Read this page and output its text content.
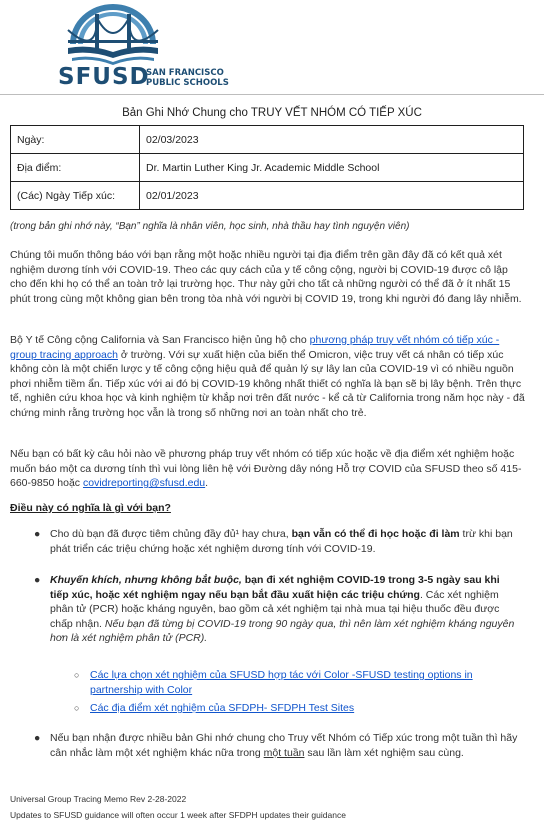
SFUSD
SAN FRANCISCO
PUBLIC SCHOOLS
Bản Ghi Nhớ Chung cho TRUY VẾT NHÓM CÓ TIẾP XÚC
Ngày:	02/03/2023
Địa điểm:	Dr. Martin Luther King Jr. Academic Middle School
(Các) Ngày Tiếp xúc:	02/01/2023
(trong bản ghi nhớ này, “Bạn” nghĩa là nhân viên, học sinh, nhà thầu hay tình nguyện viên)
Chúng tôi muốn thông báo với bạn rằng một hoặc nhiều người tại địa điểm trên gần đây đã có kết quả xét nghiệm dương tính với COVID-19. Theo các quy cách của y tế công cộng, người bị COVID-19 được cô lập cho đến khi họ có thể an toàn trở lại trường học. Thư này gửi cho tất cả những người có thể đã ở ít nhất 15 phút trong cùng một không gian bên trong tòa nhà với người bị COVID 19, trong khi người đó đang lây nhiễm.
Bộ Y tế Công cộng California và San Francisco hiện ủng hộ cho phương pháp truy vết nhóm có tiếp xúc - group tracing approach ở trường. Với sự xuất hiện của biến thể Omicron, việc truy vết cá nhân có tiếp xúc không còn là một chiến lược y tế công cộng hiệu quả để quản lý sự lây lan của COVID-19 vì có nhiều nguồn phơi nhiễm tiềm ẩn. Tiếp xúc với ai đó bị COVID-19 không nhất thiết có nghĩa là bạn sẽ bị lây bệnh. Trên thực tế, nghiên cứu khoa học và kinh nghiệm từ khắp nơi trên đất nước - kể cả từ California trong năm học này - đã chứng minh rằng trường học vẫn là trong số những nơi an toàn nhất cho trẻ.
Nếu bạn có bất kỳ câu hỏi nào về phương pháp truy vết nhóm có tiếp xúc hoặc về địa điểm xét nghiệm hoặc muốn báo một ca dương tính thì vui lòng liên hệ với Đường dây nóng Hỗ trợ COVID của SFUSD theo số 415-660-9850 hoặc covidreporting@sfusd.edu.
Điều này có nghĩa là gì với bạn?
● Cho dù bạn đã được tiêm chủng đầy đủ¹ hay chưa, bạn vẫn có thể đi học hoặc đi làm trừ khi bạn phát triển các triệu chứng hoặc xét nghiệm dương tính với COVID-19.
● Khuyến khích, nhưng không bắt buộc, bạn đi xét nghiệm COVID-19 trong 3-5 ngày sau khi tiếp xúc, hoặc xét nghiệm ngay nếu bạn bắt đầu xuất hiện các triệu chứng. Các xét nghiệm phân tử (PCR) hoặc kháng nguyên, bao gồm cả xét nghiệm tại nhà mua tại hiệu thuốc đều được chấp nhận. Nếu bạn đã từng bị COVID-19 trong 90 ngày qua, thì nên làm xét nghiệm kháng nguyên hơn là xét nghiệm phân tử (PCR).
○ Các lựa chọn xét nghiệm của SFUSD hợp tác với Color -SFUSD testing options in partnership with Color
○ Các địa điểm xét nghiệm của SFDPH- SFDPH Test Sites
● Nếu bạn nhận được nhiều bản Ghi nhớ chung cho Truy vết Nhóm có Tiếp xúc trong một tuần thì hãy cân nhắc làm một xét nghiệm khác nữa trong một tuần sau lần làm xét nghiệm sau cùng.
Universal Group Tracing Memo Rev 2-28-2022
Updates to SFUSD guidance will often occur 1 week after SFDPH updates their guidance
